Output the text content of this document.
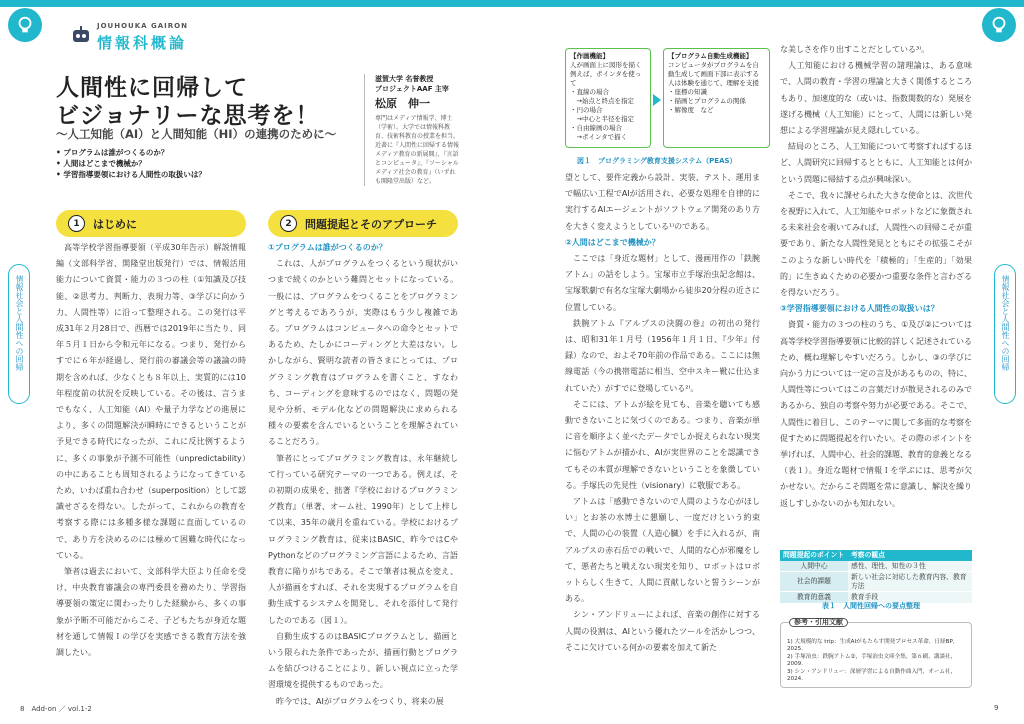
JOUHOUKA GAIRON
情報科概論
人間性に回帰して
ビジョナリーな思考を！
〜人工知能（AI）と人間知能（HI）の連携のために〜
• プログラムは誰がつくるのか？
• 人間はどこまで機械か？
• 学習指導要領における人間性の取扱いは？
滋賀大学 名誉教授
プロジェクトAAF 主宰
松原　伸一
専門はメディア情報学、博士（学術）。大学では情報科教育、技術科教育の授業を担当。近著に『人間性に回帰する情報メディア教育の新展開』、『言語とコンピュータ』、『ソーシャルメディア社会の教育』（いずれも開隆堂出版）など。
1	はじめに	2	問題提起とそのアプローチ

高等学校学習指導要領（平成30年告示）解説情報編（文部科学省、開隆堂出版発行）では、情報活用能力について資質・能力の３つの柱（①知識及び技能、②思考力、判断力、表現力等、③学びに向かう力、人間性等）に沿って整理される。この発行は平成31年２月28日で、西暦では2019年に当たり、同年５月１日から令和元年になる。つまり、発行からすでに６年が経過し、発行前の審議会等の議論の時期を含めれば、少なくとも８年以上、実質的には10年程度前の状況を反映している。その後は、言うまでもなく、人工知能（AI）や量子力学などの進展により、多くの問題解決が瞬時にできるということが予見できる時代になったが、これに反比例するように、多くの事象が予測不可能性（unpredictability）の中にあることも周知されるようになってきているため、いわば重ね合わせ（superposition）として認識せざるを得ない。したがって、これからの教育を考察する際には多種多様な課題に直面しているので、あり方を決めるのには極めて困難な時代になっている。

筆者は過去において、文部科学大臣より任命を受け、中央教育審議会の専門委員を務めたり、学習指導要領の策定に関わったりした経験から、多くの事象が予断不可能だからこそ、子どもたちが身近な題材を通して情報Ｉの学びを実感できる教育方法を強調したい。

①プログラムは誰がつくるのか？

これは、人がプログラムをつくるという現状がいつまで続くのかという難問とセットになっている。一般には、プログラムをつくることをプログラミングと考えるであろうが、実際はもう少し複雑である。プログラムはコンピュータへの命令とセットであるため、たしかにコーディングと大差はない。しかしながら、賢明な読者の皆さまにとっては、プログラミング教育はプログラムを書くこと、すなわち、コーディングを意味するのではなく、問題の発見や分析、モデル化などの問題解決に求められる種々の要素を含んでいるということを理解されていることだろう。

筆者にとってプログラミング教育は、永年継続して行っている研究テーマの一つである。例えば、その初期の成果を、拙著『学校におけるプログラミング教育』（単著、オーム社、1990年）として上梓して以来、35年の歳月を重ねている。学校におけるプログラミング教育は、従来はBASIC、昨今ではCやPythonなどのプログラミング言語によるため、言語教育に陥りがちである。そこで筆者は視点を変え、人が描画をすれば、それを実現するプログラムを自動生成するシステムを開発し、それを添付して発行したのである（図１）。

自動生成するのはBASICプログラムとし、描画という限られた条件であったが、描画行動とプログラムを結びつけることにより、新しい視点に立った学習環境を提供するものであった。

昨今では、AIがプログラムをつくり、将来の展

【作画機能】
人が画面上に図形を描く例えば、ポインタを使って
・直線の場合
　→始点と終点を指定
・円の場合
　→中心と半径を指定
・自由線画の場合
　→ポインタで描く
【プログラム自動生成機能】
コンピュータがプログラムを自動生成して画面下部に表示する
人は体験を通じて、理解を支援
・座標の知識
・描画とプログラムの関係
・解像度　など
図１　プログラミング教育支援システム（PEAS）
望として、要件定義から設計、実装、テスト、運用まで幅広い工程でAIが活用され、必要な処理を自律的に実行するAIエージェントがソフトウェア開発のあり方を大きく変えようとしている¹⁾のである。
②人間はどこまで機械か？

ここでは「身近な題材」として、漫画用作の「鉄腕アトム」の話をしよう。宝塚市立手塚治虫記念館は、宝塚歌劇で有名な宝塚大劇場から徒歩20分程の近さに位置している。

鉄腕アトム『アルプスの決闘の巻』の初出の発行は、昭和31年１月号（1956年１月１日、『少年』付録）なので、およそ70年前の作品である。ここには無線電話（今の携帯電話に相当、空中スキー靴に仕込まれていた）がすでに登場している²⁾。

そこには、アトムが絵を見ても、音楽を聴いても感動できないことに気づくのである。つまり、音楽が単に音を順序よく並べたデータでしか捉えられない現実に悩むアトムが描かれ、AIが実世界のことを認識できてもその本質が理解できないということを象徴している。手塚氏の先見性（visionary）に敬服である。

アトムは「感動できないので人間のような心がほしい」とお茶の水博士に懇願し、一度だけという約束で、人間の心の装置（人造心臓）を手に入れるが、南アルプスの赤石岳での戦いで、人間的な心が邪魔をして、悪者たちと戦えない現実を知り、ロボットはロボットらしく生きて、人間に貢献しないと誓うシーンがある。

シン・アンドリューによれば、音楽の創作に対する人間の役割は、AIという優れたツールを活かしつつ、そこに欠けている何かの要素を加えて新た

な美しさを作り出すことだとしている³⁾。

人工知能における機械学習の諸理論は、ある意味で、人間の教育・学習の理論と大きく関係するところもあり、加速度的な（或いは、指数関数的な）発展を遂げる機械（人工知能）にとって、人間には新しい発想による学習理論が見え隠れしている。

結局のところ、人工知能について考察すればするほど、人間研究に回帰するとともに、人工知能とは何かという問題に帰結する点が興味深い。

そこで、我々に課せられた大きな使命とは、次世代を視野に入れて、人工知能やロボットなどに象徴される未来社会を覗いてみれば、人間性への回帰こそが重要であり、新たな人間性発見とともにその拡張こそがこのような新しい時代を「積極的」「生産的」「効果的」に生きぬくための必要かつ重要な条件と言わざるを得ないだろう。

③学習指導要領における人間性の取扱いは？

資質・能力の３つの柱のうち、①及び②については高等学校学習指導要領に比較的詳しく記述されているため、概ね理解しやすいだろう。しかし、③の学びに向かう力については一定の言及があるものの、特に、人間性等についてはこの言葉だけが散見されるのみであるから、独自の考察や努力が必要である。そこで、人間性に着目し、このテーマに関して多面的な考察を促すために問題提起を行いたい。その際のポイントを挙げれば、人間中心、社会的課題、教育的意義となる（表１）。身近な題材で情報Ｉを学ぶには、思考が欠かせない。だからこそ問題を常に意識し、解決を繰り返しすしかないのかも知れない。

問題提起のポイント	考察の観点
人間中心	感性、理性、知性の３性
社会的課題	新しい社会に対応した教育内容、教育方法
教育的意義	教育手段
表１　人間性回帰への要点整理
参考・引用文献
1) 大規模的な trip：生成AIがもたらす開発プロセス革命，日経BP，2025.
2) 手塚治虫：鉄腕アトム②，手塚治虫文庫全集，第６刷，講談社，2009.
3) シン・アンドリュー：深層学習による自動作曲入門，オーム社，2024.
情報社会と人間性への回帰	情報社会と人間性への回帰
8　Add-on ／ vol.1-2	9
